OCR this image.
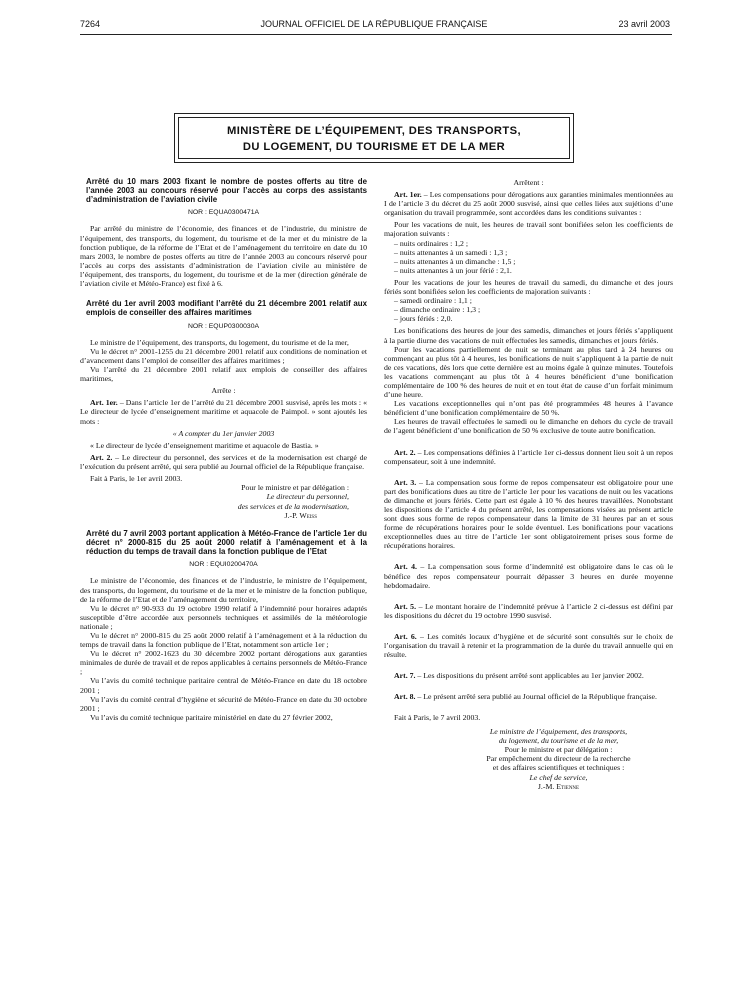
7264	JOURNAL OFFICIEL DE LA RÉPUBLIQUE FRANÇAISE	23 avril 2003
MINISTÈRE DE L’ÉQUIPEMENT, DES TRANSPORTS,
DU LOGEMENT, DU TOURISME ET DE LA MER
Arrêté du 10 mars 2003 fixant le nombre de postes offerts au titre de l’année 2003 au concours réservé pour l’accès au corps des assistants d’administration de l’aviation civile
NOR : EQUA0300471A

Par arrêté du ministre de l’économie, des finances et de l’industrie, du ministre de l’équipement, des transports, du logement, du tourisme et de la mer et du ministre de la fonction publique, de la réforme de l’Etat et de l’aménagement du territoire en date du 10 mars 2003, le nombre de postes offerts au titre de l’année 2003 au concours réservé pour l’accès au corps des assistants d’administration de l’aviation civile au ministère de l’équipement, des transports, du logement, du tourisme et de la mer (direction générale de l’aviation civile et Météo-France) est fixé à 6.

Arrêté du 1er avril 2003 modifiant l’arrêté du 21 décembre 2001 relatif aux emplois de conseiller des affaires maritimes
NOR : EQUP0300030A

Le ministre de l’équipement, des transports, du logement, du tourisme et de la mer,

Vu le décret n° 2001-1255 du 21 décembre 2001 relatif aux conditions de nomination et d’avancement dans l’emploi de conseiller des affaires maritimes ;

Vu l’arrêté du 21 décembre 2001 relatif aux emplois de conseiller des affaires maritimes,

Arrête :

Art. 1er. – Dans l’article 1er de l’arrêté du 21 décembre 2001 susvisé, après les mots : « Le directeur de lycée d’enseignement maritime et aquacole de Paimpol. » sont ajoutés les mots :

« A compter du 1er janvier 2003

« Le directeur de lycée d’enseignement maritime et aquacole de Bastia. »

Art. 2. – Le directeur du personnel, des services et de la modernisation est chargé de l’exécution du présent arrêté, qui sera publié au Journal officiel de la République française.

Fait à Paris, le 1er avril 2003.

Pour le ministre et par délégation :
Le directeur du personnel,
des services et de la modernisation,
J.-P. Weiss
Arrêté du 7 avril 2003 portant application à Météo-France de l’article 1er du décret n° 2000-815 du 25 août 2000 relatif à l’aménagement et à la réduction du temps de travail dans la fonction publique de l’Etat
NOR : EQUI0200470A

Le ministre de l’économie, des finances et de l’industrie, le ministre de l’équipement, des transports, du logement, du tourisme et de la mer et le ministre de la fonction publique, de la réforme de l’Etat et de l’aménagement du territoire,

Vu le décret n° 90-933 du 19 octobre 1990 relatif à l’indemnité pour horaires adaptés susceptible d’être accordée aux personnels techniques et assimilés de la météorologie nationale ;

Vu le décret n° 2000-815 du 25 août 2000 relatif à l’aménagement et à la réduction du temps de travail dans la fonction publique de l’Etat, notamment son article 1er ;

Vu le décret n° 2002-1623 du 30 décembre 2002 portant dérogations aux garanties minimales de durée de travail et de repos applicables à certains personnels de Météo-France ;

Vu l’avis du comité technique paritaire central de Météo-France en date du 18 octobre 2001 ;

Vu l’avis du comité central d’hygiène et sécurité de Météo-France en date du 30 octobre 2001 ;

Vu l’avis du comité technique paritaire ministériel en date du 27 février 2002,

Arrêtent :

Art. 1er. – Les compensations pour dérogations aux garanties minimales mentionnées au I de l’article 3 du décret du 25 août 2000 susvisé, ainsi que celles liées aux sujétions d’une organisation du travail programmée, sont accordées dans les conditions suivantes :

Pour les vacations de nuit, les heures de travail sont bonifiées selon les coefficients de majoration suivants :

– nuits ordinaires : 1,2 ;

– nuits attenantes à un samedi : 1,3 ;

– nuits attenantes à un dimanche : 1,5 ;

– nuits attenantes à un jour férié : 2,1.

Pour les vacations de jour les heures de travail du samedi, du dimanche et des jours fériés sont bonifiées selon les coefficients de majoration suivants :

– samedi ordinaire : 1,1 ;

– dimanche ordinaire : 1,3 ;

– jours fériés : 2,0.

Les bonifications des heures de jour des samedis, dimanches et jours fériés s’appliquent à la partie diurne des vacations de nuit effectuées les samedis, dimanches et jours fériés.

Pour les vacations partiellement de nuit se terminant au plus tard à 24 heures ou commençant au plus tôt à 4 heures, les bonifications de nuit s’appliquent à la partie de nuit de ces vacations, dès lors que cette dernière est au moins égale à quinze minutes. Toutefois les vacations commençant au plus tôt à 4 heures bénéficient d’une bonification complémentaire de 100 % des heures de nuit et en tout état de cause d’un forfait minimum d’une heure.

Les vacations exceptionnelles qui n’ont pas été programmées 48 heures à l’avance bénéficient d’une bonification complémentaire de 50 %.

Les heures de travail effectuées le samedi ou le dimanche en dehors du cycle de travail de l’agent bénéficient d’une bonification de 50 % exclusive de toute autre bonification.

Art. 2. – Les compensations définies à l’article 1er ci-dessus donnent lieu soit à un repos compensateur, soit à une indemnité.

Art. 3. – La compensation sous forme de repos compensateur est obligatoire pour une part des bonifications dues au titre de l’article 1er pour les vacations de nuit ou les vacations de dimanche et jours fériés. Cette part est égale à 10 % des heures travaillées. Nonobstant les dispositions de l’article 4 du présent arrêté, les compensations visées au présent article sont dues sous forme de repos compensateur dans la limite de 31 heures par an et sous forme de récupérations horaires pour le solde éventuel. Les bonifications pour vacations exceptionnelles dues au titre de l’article 1er sont obligatoirement prises sous forme de récupérations horaires.

Art. 4. – La compensation sous forme d’indemnité est obligatoire dans le cas où le bénéfice des repos compensateur pourrait dépasser 3 heures en durée moyenne hebdomadaire.

Art. 5. – Le montant horaire de l’indemnité prévue à l’article 2 ci-dessus est défini par les dispositions du décret du 19 octobre 1990 susvisé.

Art. 6. – Les comités locaux d’hygiène et de sécurité sont consultés sur le choix de l’organisation du travail à retenir et la programmation de la durée du travail annuelle qui en résulte.

Art. 7. – Les dispositions du présent arrêté sont applicables au 1er janvier 2002.

Art. 8. – Le présent arrêté sera publié au Journal officiel de la République française.

Fait à Paris, le 7 avril 2003.

Le ministre de l’équipement, des transports,
du logement, du tourisme et de la mer,
Pour le ministre et par délégation :
Par empêchement du directeur de la recherche
et des affaires scientifiques et techniques :
Le chef de service,
J.-M. Etienne
